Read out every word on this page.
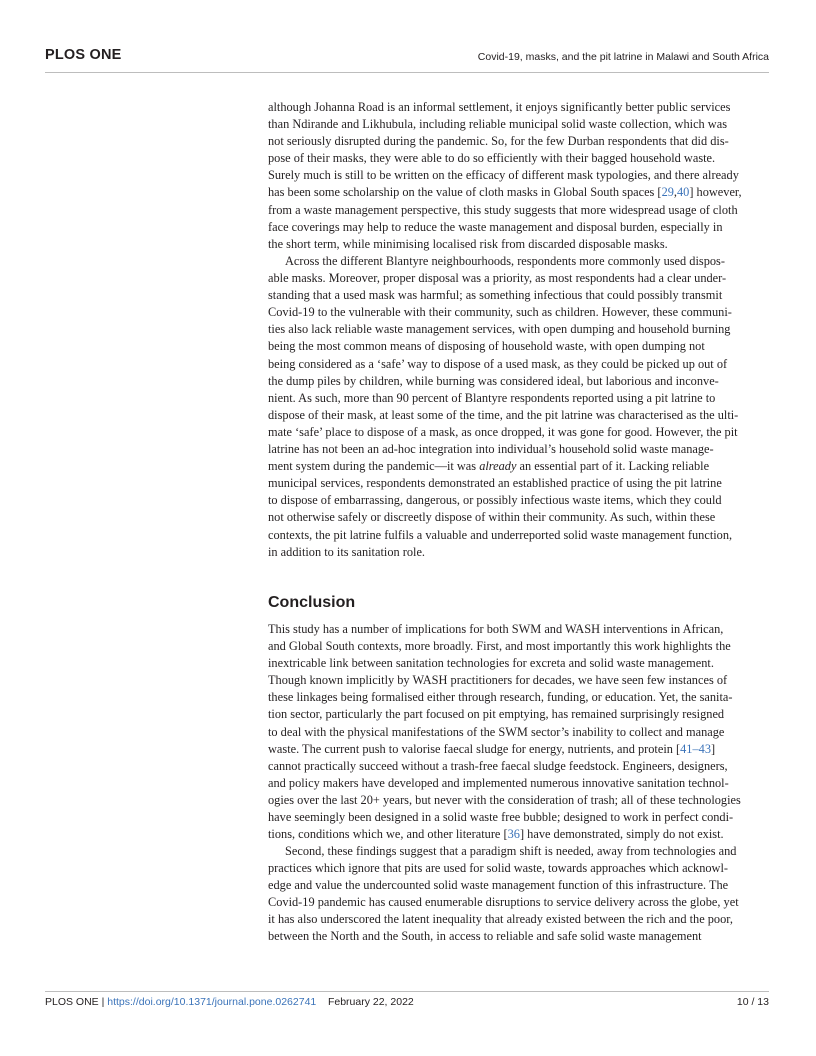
PLOS ONE	Covid-19, masks, and the pit latrine in Malawi and South Africa
although Johanna Road is an informal settlement, it enjoys significantly better public services
than Ndirande and Likhubula, including reliable municipal solid waste collection, which was
not seriously disrupted during the pandemic. So, for the few Durban respondents that did dis-
pose of their masks, they were able to do so efficiently with their bagged household waste.
Surely much is still to be written on the efficacy of different mask typologies, and there already
has been some scholarship on the value of cloth masks in Global South spaces [29,40] however,
from a waste management perspective, this study suggests that more widespread usage of cloth
face coverings may help to reduce the waste management and disposal burden, especially in
the short term, while minimising localised risk from discarded disposable masks.
Across the different Blantyre neighbourhoods, respondents more commonly used dispos-
able masks. Moreover, proper disposal was a priority, as most respondents had a clear under-
standing that a used mask was harmful; as something infectious that could possibly transmit
Covid-19 to the vulnerable with their community, such as children. However, these communi-
ties also lack reliable waste management services, with open dumping and household burning
being the most common means of disposing of household waste, with open dumping not
being considered as a ‘safe’ way to dispose of a used mask, as they could be picked up out of
the dump piles by children, while burning was considered ideal, but laborious and inconve-
nient. As such, more than 90 percent of Blantyre respondents reported using a pit latrine to
dispose of their mask, at least some of the time, and the pit latrine was characterised as the ulti-
mate ‘safe’ place to dispose of a mask, as once dropped, it was gone for good. However, the pit
latrine has not been an ad-hoc integration into individual’s household solid waste manage-
ment system during the pandemic—it was already an essential part of it. Lacking reliable
municipal services, respondents demonstrated an established practice of using the pit latrine
to dispose of embarrassing, dangerous, or possibly infectious waste items, which they could
not otherwise safely or discreetly dispose of within their community. As such, within these
contexts, the pit latrine fulfils a valuable and underreported solid waste management function,
in addition to its sanitation role.
Conclusion
This study has a number of implications for both SWM and WASH interventions in African,
and Global South contexts, more broadly. First, and most importantly this work highlights the
inextricable link between sanitation technologies for excreta and solid waste management.
Though known implicitly by WASH practitioners for decades, we have seen few instances of
these linkages being formalised either through research, funding, or education. Yet, the sanita-
tion sector, particularly the part focused on pit emptying, has remained surprisingly resigned
to deal with the physical manifestations of the SWM sector’s inability to collect and manage
waste. The current push to valorise faecal sludge for energy, nutrients, and protein [41–43]
cannot practically succeed without a trash-free faecal sludge feedstock. Engineers, designers,
and policy makers have developed and implemented numerous innovative sanitation technol-
ogies over the last 20+ years, but never with the consideration of trash; all of these technologies
have seemingly been designed in a solid waste free bubble; designed to work in perfect condi-
tions, conditions which we, and other literature [36] have demonstrated, simply do not exist.
Second, these findings suggest that a paradigm shift is needed, away from technologies and
practices which ignore that pits are used for solid waste, towards approaches which acknowl-
edge and value the undercounted solid waste management function of this infrastructure. The
Covid-19 pandemic has caused enumerable disruptions to service delivery across the globe, yet
it has also underscored the latent inequality that already existed between the rich and the poor,
between the North and the South, in access to reliable and safe solid waste management
PLOS ONE | https://doi.org/10.1371/journal.pone.0262741 February 22, 2022	10 / 13
